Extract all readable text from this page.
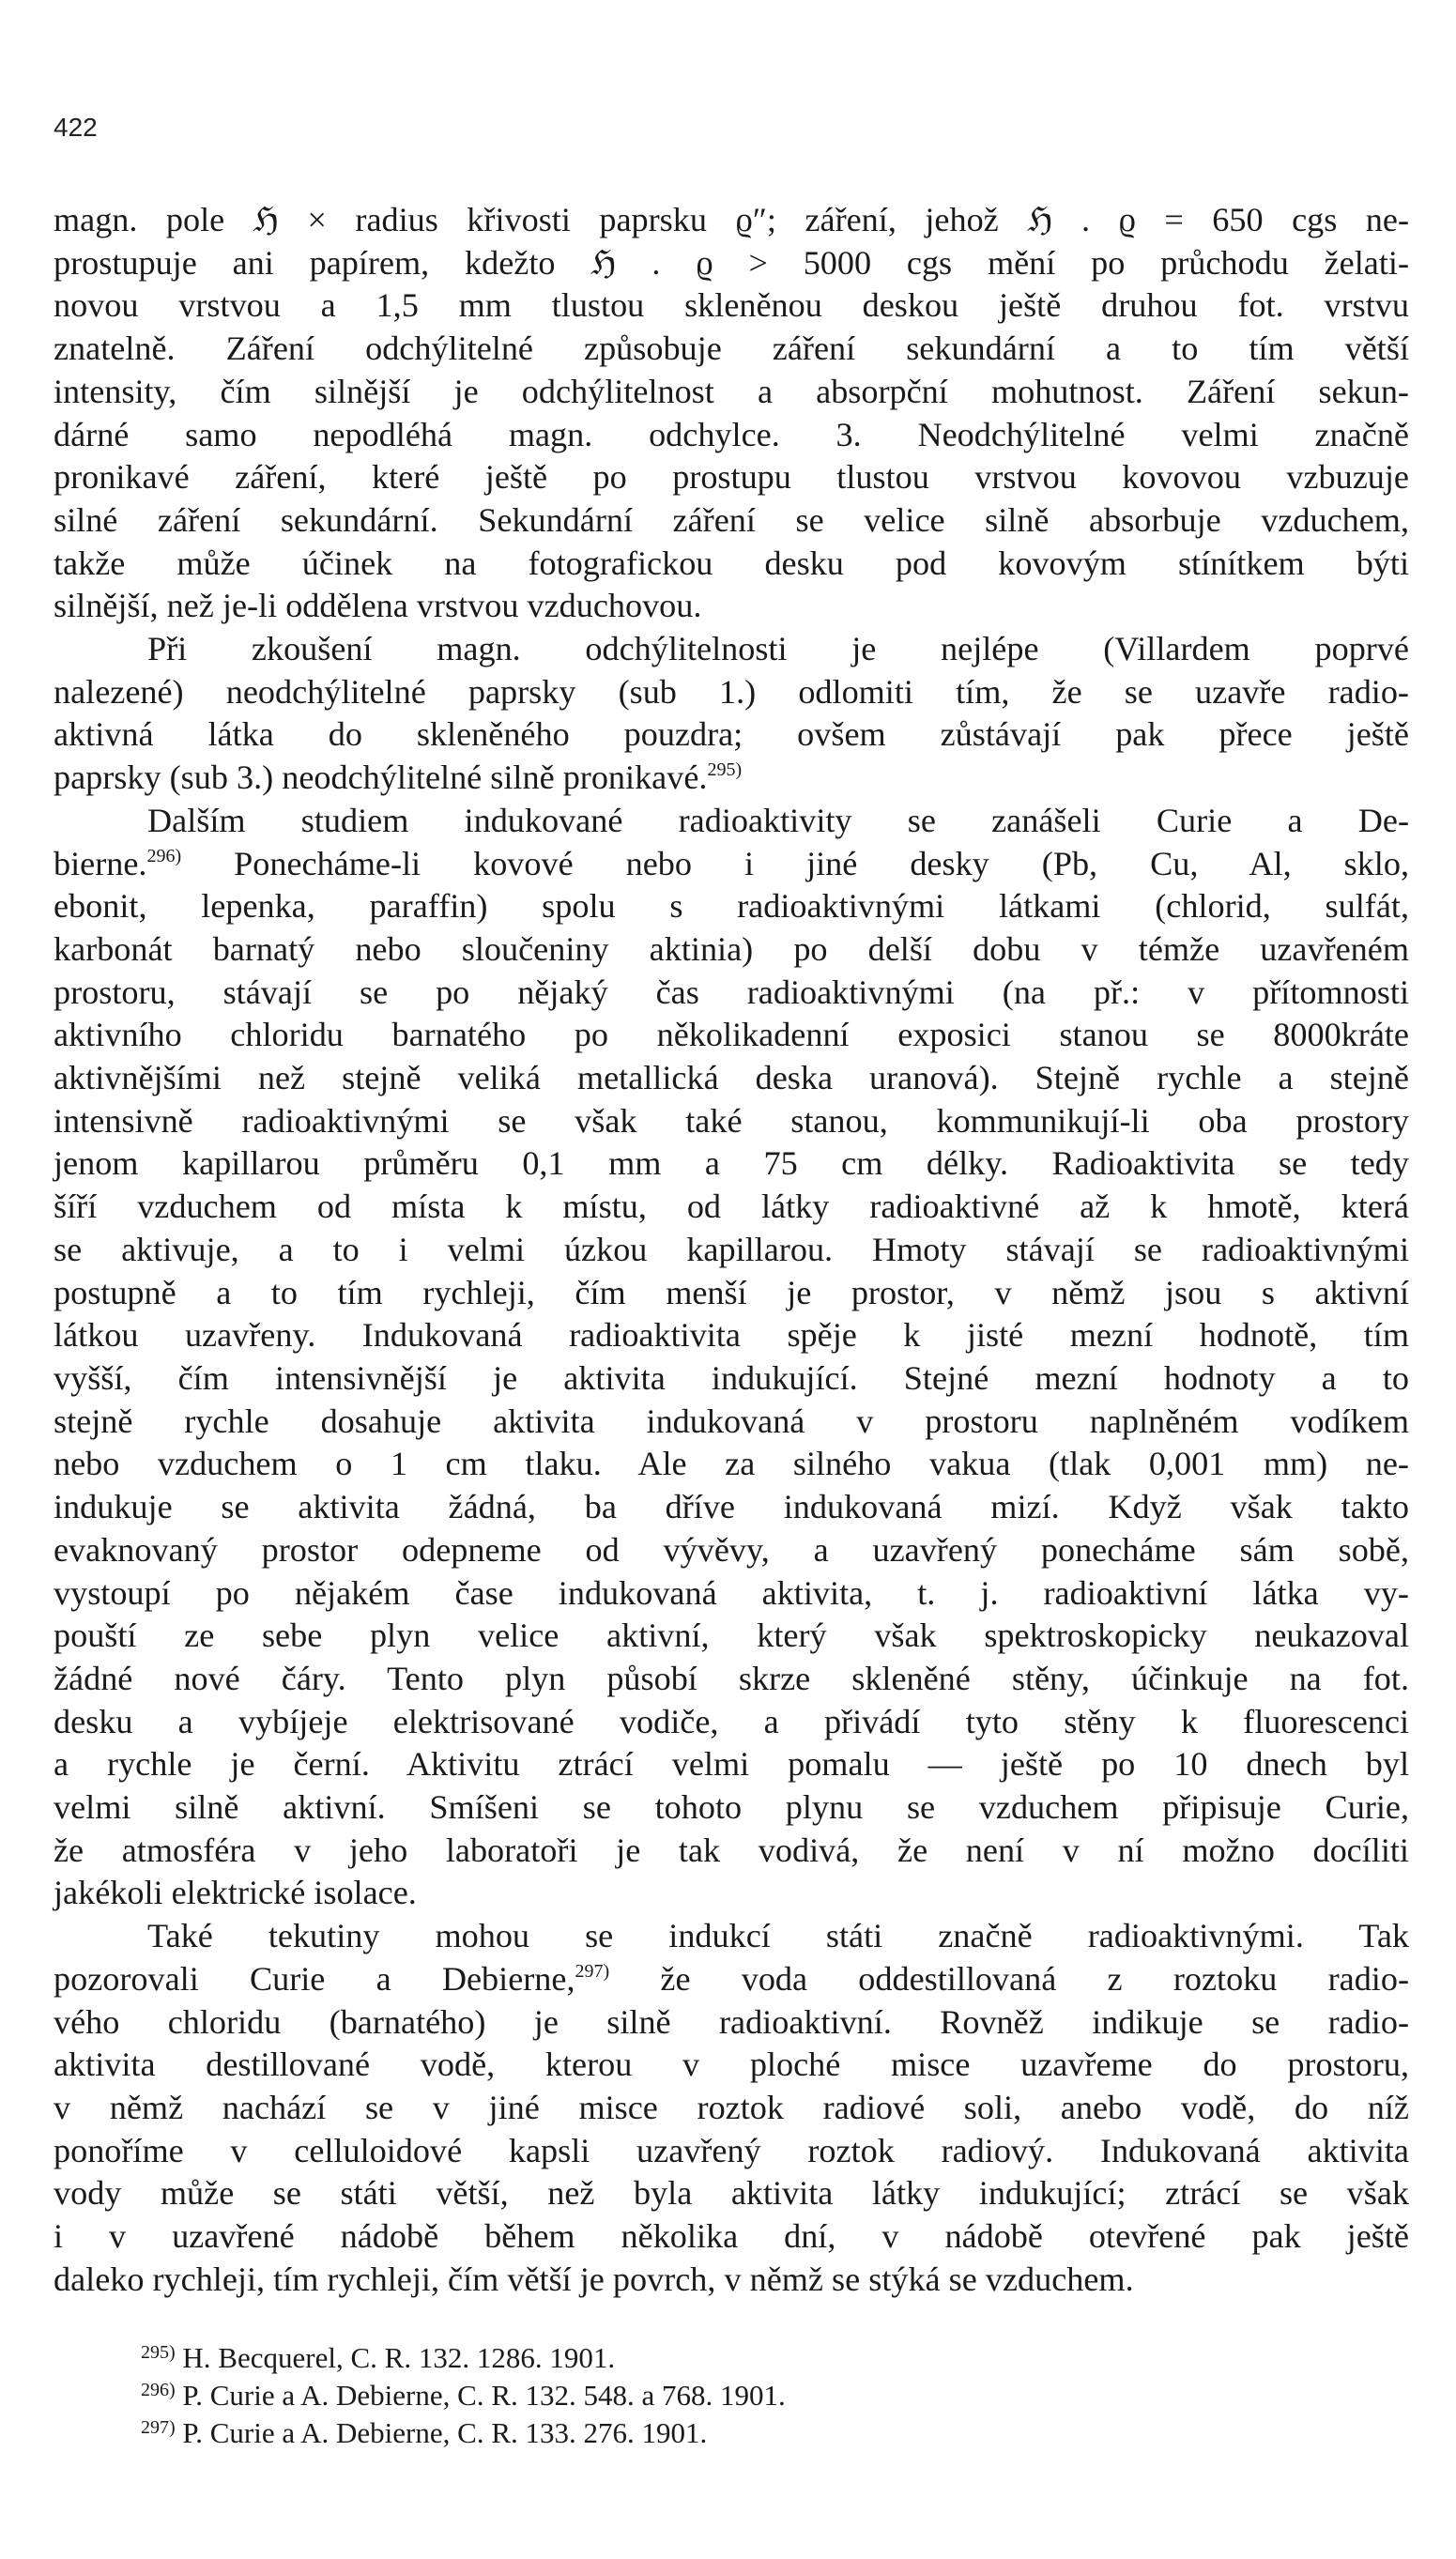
422
magn. pole ℌ × radius křivosti paprsku ϱ″; záření, jehož ℌ . ϱ = 650 cgs ne-
prostupuje ani papírem, kdežto ℌ . ϱ > 5000 cgs mění po průchodu želati-
novou vrstvou a 1,5 mm tlustou skleněnou deskou ještě druhou fot. vrstvu
znatelně. Záření odchýlitelné způsobuje záření sekundární a to tím větší
intensity, čím silnější je odchýlitelnost a absorpční mohutnost. Záření sekun-
dárné samo nepodléhá magn. odchylce. 3. Neodchýlitelné velmi značně
pronikavé záření, které ještě po prostupu tlustou vrstvou kovovou vzbuzuje
silné záření sekundární. Sekundární záření se velice silně absorbuje vzduchem,
takže může účinek na fotografickou desku pod kovovým stínítkem býti
silnější, než je-li oddělena vrstvou vzduchovou.
Při zkoušení magn. odchýlitelnosti je nejlépe (Villardem poprvé
nalezené) neodchýlitelné paprsky (sub 1.) odlomiti tím, že se uzavře radio-
aktivná látka do skleněného pouzdra; ovšem zůstávají pak přece ještě
paprsky (sub 3.) neodchýlitelné silně pronikavé.$^{295)}$
Dalším studiem indukované radioaktivity se zanášeli Curie a De-
bierne.$^{296)}$ Ponecháme-li kovové nebo i jiné desky (Pb, Cu, Al, sklo,
ebonit, lepenka, paraffin) spolu s radioaktivnými látkami (chlorid, sulfát,
karbonát barnatý nebo sloučeniny aktinia) po delší dobu v témže uzavřeném
prostoru, stávají se po nějaký čas radioaktivnými (na př.: v přítomnosti
aktivního chloridu barnatého po několikadenní exposici stanou se 8000kráte
aktivnějšími než stejně veliká metallická deska uranová). Stejně rychle a stejně
intensivně radioaktivnými se však také stanou, kommunikují-li oba prostory
jenom kapillarou průměru 0,1 mm a 75 cm délky. Radioaktivita se tedy
šíří vzduchem od místa k místu, od látky radioaktivné až k hmotě, která
se aktivuje, a to i velmi úzkou kapillarou. Hmoty stávají se radioaktivnými
postupně a to tím rychleji, čím menší je prostor, v němž jsou s aktivní
látkou uzavřeny. Indukovaná radioaktivita spěje k jisté mezní hodnotě, tím
vyšší, čím intensivnější je aktivita indukující. Stejné mezní hodnoty a to
stejně rychle dosahuje aktivita indukovaná v prostoru naplněném vodíkem
nebo vzduchem o 1 cm tlaku. Ale za silného vakua (tlak 0,001 mm) ne-
indukuje se aktivita žádná, ba dříve indukovaná mizí. Když však takto
evaknovaný prostor odepneme od vývěvy, a uzavřený ponecháme sám sobě,
vystoupí po nějakém čase indukovaná aktivita, t. j. radioaktivní látka vy-
pouští ze sebe plyn velice aktivní, který však spektroskopicky neukazoval
žádné nové čáry. Tento plyn působí skrze skleněné stěny, účinkuje na fot.
desku a vybíjeje elektrisované vodiče, a přivádí tyto stěny k fluorescenci
a rychle je černí. Aktivitu ztrácí velmi pomalu — ještě po 10 dnech byl
velmi silně aktivní. Smíšeni se tohoto plynu se vzduchem připisuje Curie,
že atmosféra v jeho laboratoři je tak vodivá, že není v ní možno docíliti
jakékoli elektrické isolace.
Také tekutiny mohou se indukcí státi značně radioaktivnými. Tak
pozorovali Curie a Debierne,$^{297)}$ že voda oddestillovaná z roztoku radio-
vého chloridu (barnatého) je silně radioaktivní. Rovněž indikuje se radio-
aktivita destillované vodě, kterou v ploché misce uzavřeme do prostoru,
v němž nachází se v jiné misce roztok radiové soli, anebo vodě, do níž
ponoříme v celluloidové kapsli uzavřený roztok radiový. Indukovaná aktivita
vody může se státi větší, než byla aktivita látky indukující; ztrácí se však
i v uzavřené nádobě během několika dní, v nádobě otevřené pak ještě
daleko rychleji, tím rychleji, čím větší je povrch, v němž se stýká se vzduchem.
$^{295)}$ H. Becquerel, C. R. 132. 1286. 1901.
$^{296)}$ P. Curie a A. Debierne, C. R. 132. 548. a 768. 1901.
$^{297)}$ P. Curie a A. Debierne, C. R. 133. 276. 1901.
